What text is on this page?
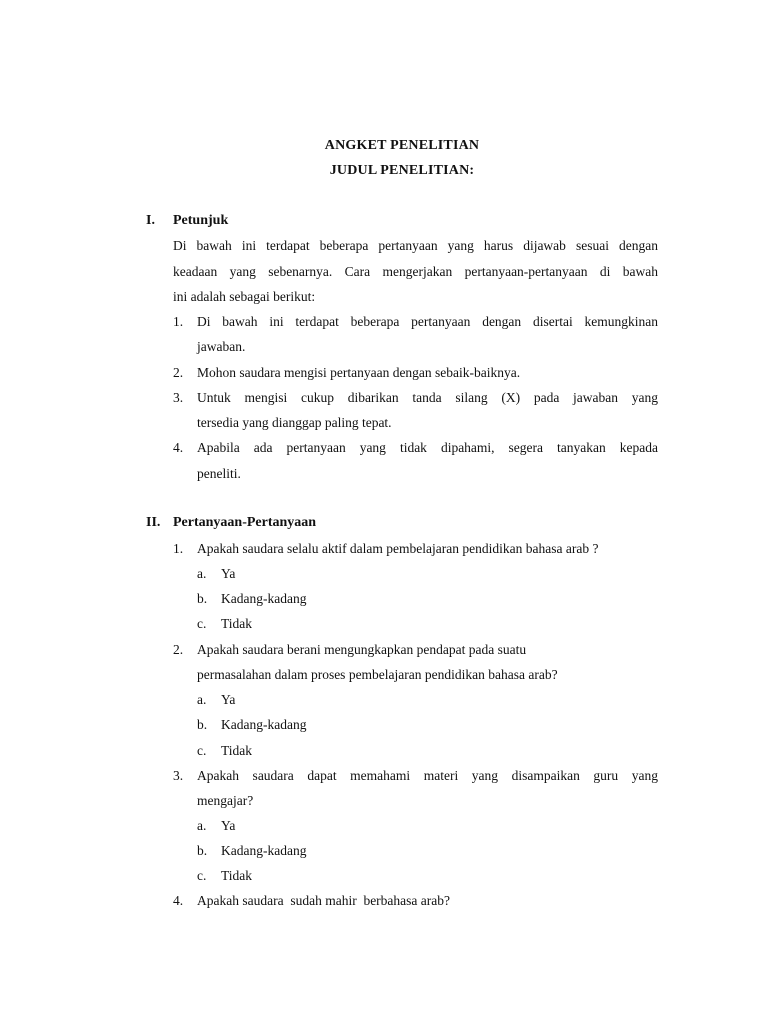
ANGKET PENELITIAN
JUDUL PENELITIAN:
I. Petunjuk
Di bawah ini terdapat beberapa pertanyaan yang harus dijawab sesuai dengan
keadaan yang sebenarnya. Cara mengerjakan pertanyaan-pertanyaan di bawah
ini adalah sebagai berikut:
1. Di bawah ini terdapat beberapa pertanyaan dengan disertai kemungkinan
jawaban.
2. Mohon saudara mengisi pertanyaan dengan sebaik-baiknya.
3. Untuk mengisi cukup dibarikan tanda silang (X) pada jawaban yang
tersedia yang dianggap paling tepat.
4. Apabila ada pertanyaan yang tidak dipahami, segera tanyakan kepada
peneliti.
II. Pertanyaan-Pertanyaan
1. Apakah saudara selalu aktif dalam pembelajaran pendidikan bahasa arab ?
a. Ya
b. Kadang-kadang
c. Tidak
2. Apakah saudara berani mengungkapkan pendapat pada suatu
permasalahan dalam proses pembelajaran pendidikan bahasa arab?
a. Ya
b. Kadang-kadang
c. Tidak
3. Apakah saudara dapat memahami materi yang disampaikan guru yang
mengajar?
a. Ya
b. Kadang-kadang
c. Tidak
4. Apakah saudara  sudah mahir  berbahasa arab?
